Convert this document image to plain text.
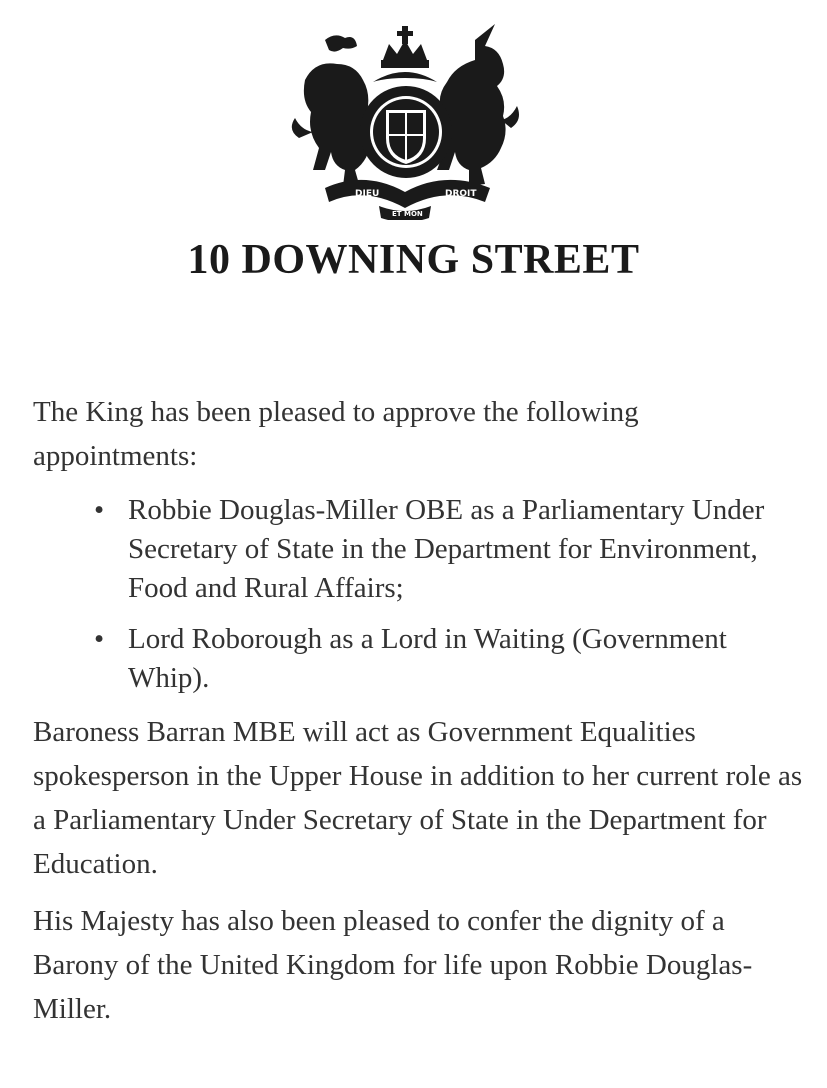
DIEU	DROIT
ET MON
10 DOWNING STREET

The King has been pleased to approve the following appointments:

• Robbie Douglas-Miller OBE as a Parliamentary Under Secretary of State in the Department for Environment, Food and Rural Affairs;
• Lord Roborough as a Lord in Waiting (Government Whip).

Baroness Barran MBE will act as Government Equalities spokesperson in the Upper House in addition to her current role as a Parliamentary Under Secretary of State in the Department for Education.

His Majesty has also been pleased to confer the dignity of a Barony of the United Kingdom for life upon Robbie Douglas-Miller.
